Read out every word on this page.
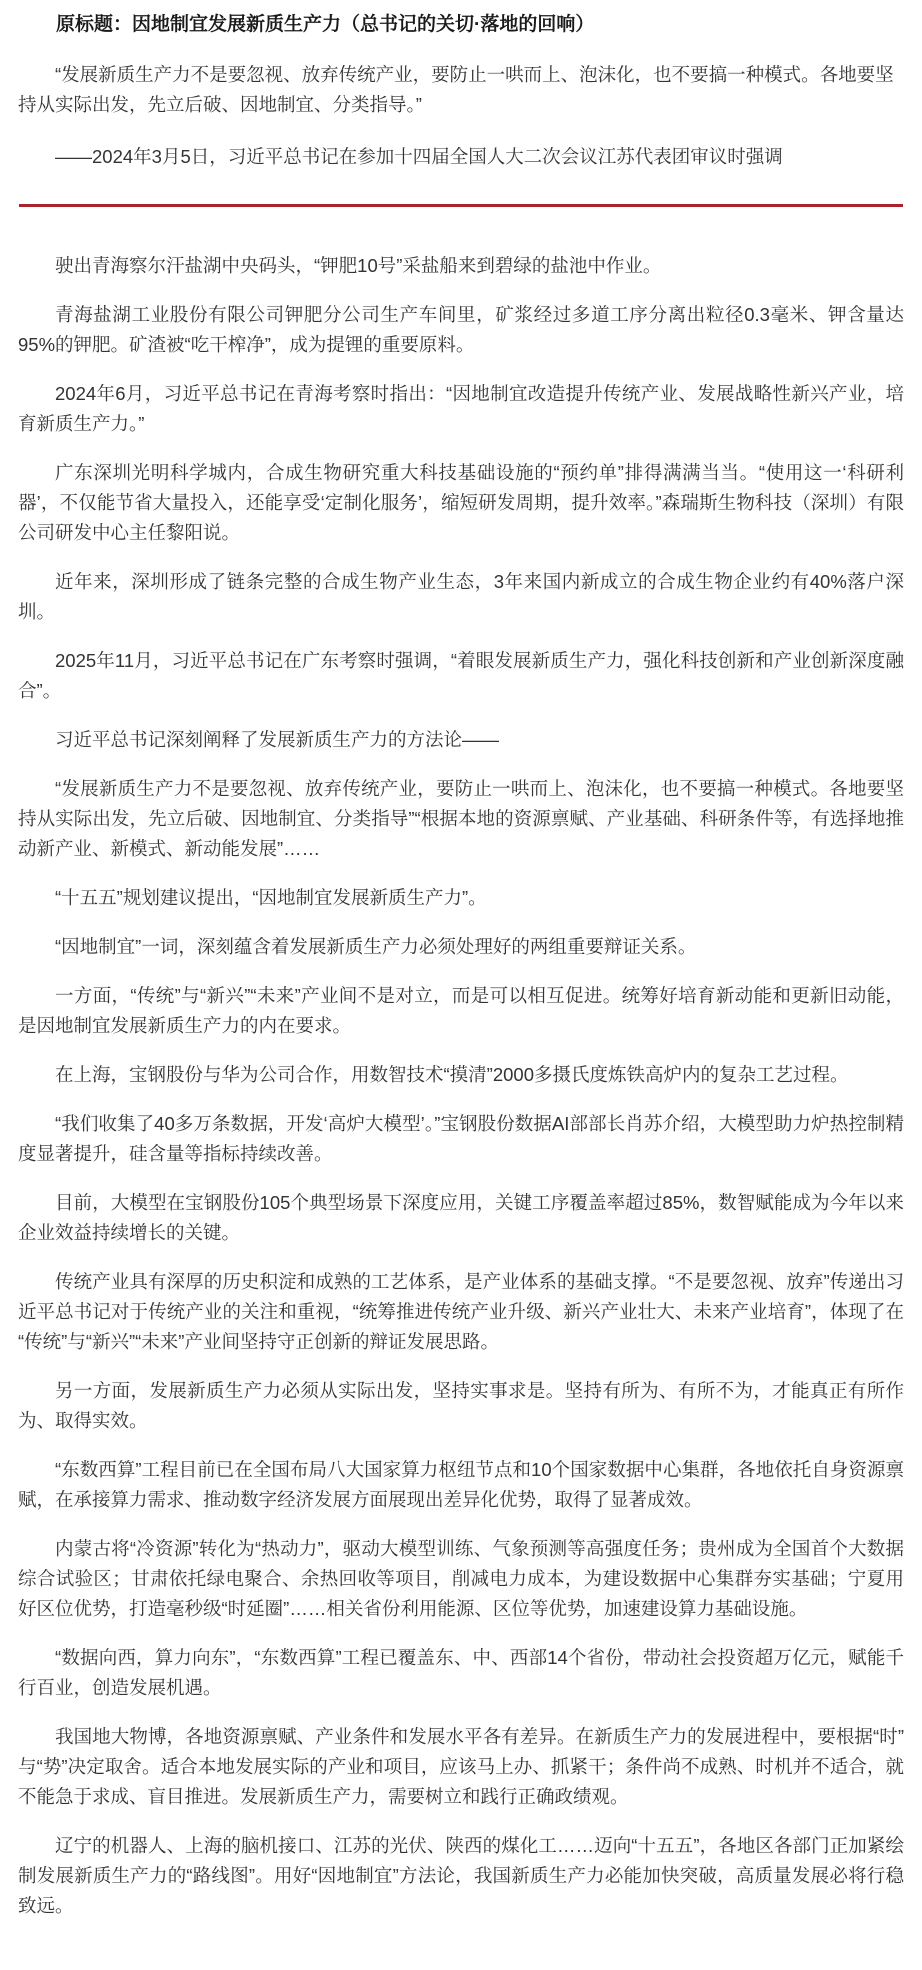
原标题：因地制宜发展新质生产力（总书记的关切·落地的回响）

“发展新质生产力不是要忽视、放弃传统产业，要防止一哄而上、泡沫化，也不要搞一种模式。各地要坚持从实际出发，先立后破、因地制宜、分类指导。”

——2024年3月5日，习近平总书记在参加十四届全国人大二次会议江苏代表团审议时强调

驶出青海察尔汗盐湖中央码头，“钾肥10号”采盐船来到碧绿的盐池中作业。

青海盐湖工业股份有限公司钾肥分公司生产车间里，矿浆经过多道工序分离出粒径0.3毫米、钾含量达95%的钾肥。矿渣被“吃干榨净”，成为提锂的重要原料。

2024年6月，习近平总书记在青海考察时指出：“因地制宜改造提升传统产业、发展战略性新兴产业，培育新质生产力。”

广东深圳光明科学城内，合成生物研究重大科技基础设施的“预约单”排得满满当当。“使用这一‘科研利器’，不仅能节省大量投入，还能享受‘定制化服务’，缩短研发周期，提升效率。”森瑞斯生物科技（深圳）有限公司研发中心主任黎阳说。

近年来，深圳形成了链条完整的合成生物产业生态，3年来国内新成立的合成生物企业约有40%落户深圳。

2025年11月，习近平总书记在广东考察时强调，“着眼发展新质生产力，强化科技创新和产业创新深度融合”。

习近平总书记深刻阐释了发展新质生产力的方法论——

“发展新质生产力不是要忽视、放弃传统产业，要防止一哄而上、泡沫化，也不要搞一种模式。各地要坚持从实际出发，先立后破、因地制宜、分类指导”“根据本地的资源禀赋、产业基础、科研条件等，有选择地推动新产业、新模式、新动能发展”……

“十五五”规划建议提出，“因地制宜发展新质生产力”。

“因地制宜”一词，深刻蕴含着发展新质生产力必须处理好的两组重要辩证关系。

一方面，“传统”与“新兴”“未来”产业间不是对立，而是可以相互促进。统筹好培育新动能和更新旧动能，是因地制宜发展新质生产力的内在要求。

在上海，宝钢股份与华为公司合作，用数智技术“摸清”2000多摄氏度炼铁高炉内的复杂工艺过程。

“我们收集了40多万条数据，开发‘高炉大模型’。”宝钢股份数据AI部部长肖苏介绍，大模型助力炉热控制精度显著提升，硅含量等指标持续改善。

目前，大模型在宝钢股份105个典型场景下深度应用，关键工序覆盖率超过85%，数智赋能成为今年以来企业效益持续增长的关键。

传统产业具有深厚的历史积淀和成熟的工艺体系，是产业体系的基础支撑。“不是要忽视、放弃”传递出习近平总书记对于传统产业的关注和重视，“统筹推进传统产业升级、新兴产业壮大、未来产业培育”，体现了在“传统”与“新兴”“未来”产业间坚持守正创新的辩证发展思路。

另一方面，发展新质生产力必须从实际出发，坚持实事求是。坚持有所为、有所不为，才能真正有所作为、取得实效。

“东数西算”工程目前已在全国布局八大国家算力枢纽节点和10个国家数据中心集群，各地依托自身资源禀赋，在承接算力需求、推动数字经济发展方面展现出差异化优势，取得了显著成效。

内蒙古将“冷资源”转化为“热动力”，驱动大模型训练、气象预测等高强度任务；贵州成为全国首个大数据综合试验区；甘肃依托绿电聚合、余热回收等项目，削减电力成本，为建设数据中心集群夯实基础；宁夏用好区位优势，打造毫秒级“时延圈”……相关省份利用能源、区位等优势，加速建设算力基础设施。

“数据向西，算力向东”，“东数西算”工程已覆盖东、中、西部14个省份，带动社会投资超万亿元，赋能千行百业，创造发展机遇。

我国地大物博，各地资源禀赋、产业条件和发展水平各有差异。在新质生产力的发展进程中，要根据“时”与“势”决定取舍。适合本地发展实际的产业和项目，应该马上办、抓紧干；条件尚不成熟、时机并不适合，就不能急于求成、盲目推进。发展新质生产力，需要树立和践行正确政绩观。

辽宁的机器人、上海的脑机接口、江苏的光伏、陕西的煤化工……迈向“十五五”，各地区各部门正加紧绘制发展新质生产力的“路线图”。用好“因地制宜”方法论，我国新质生产力必能加快突破，高质量发展必将行稳致远。
